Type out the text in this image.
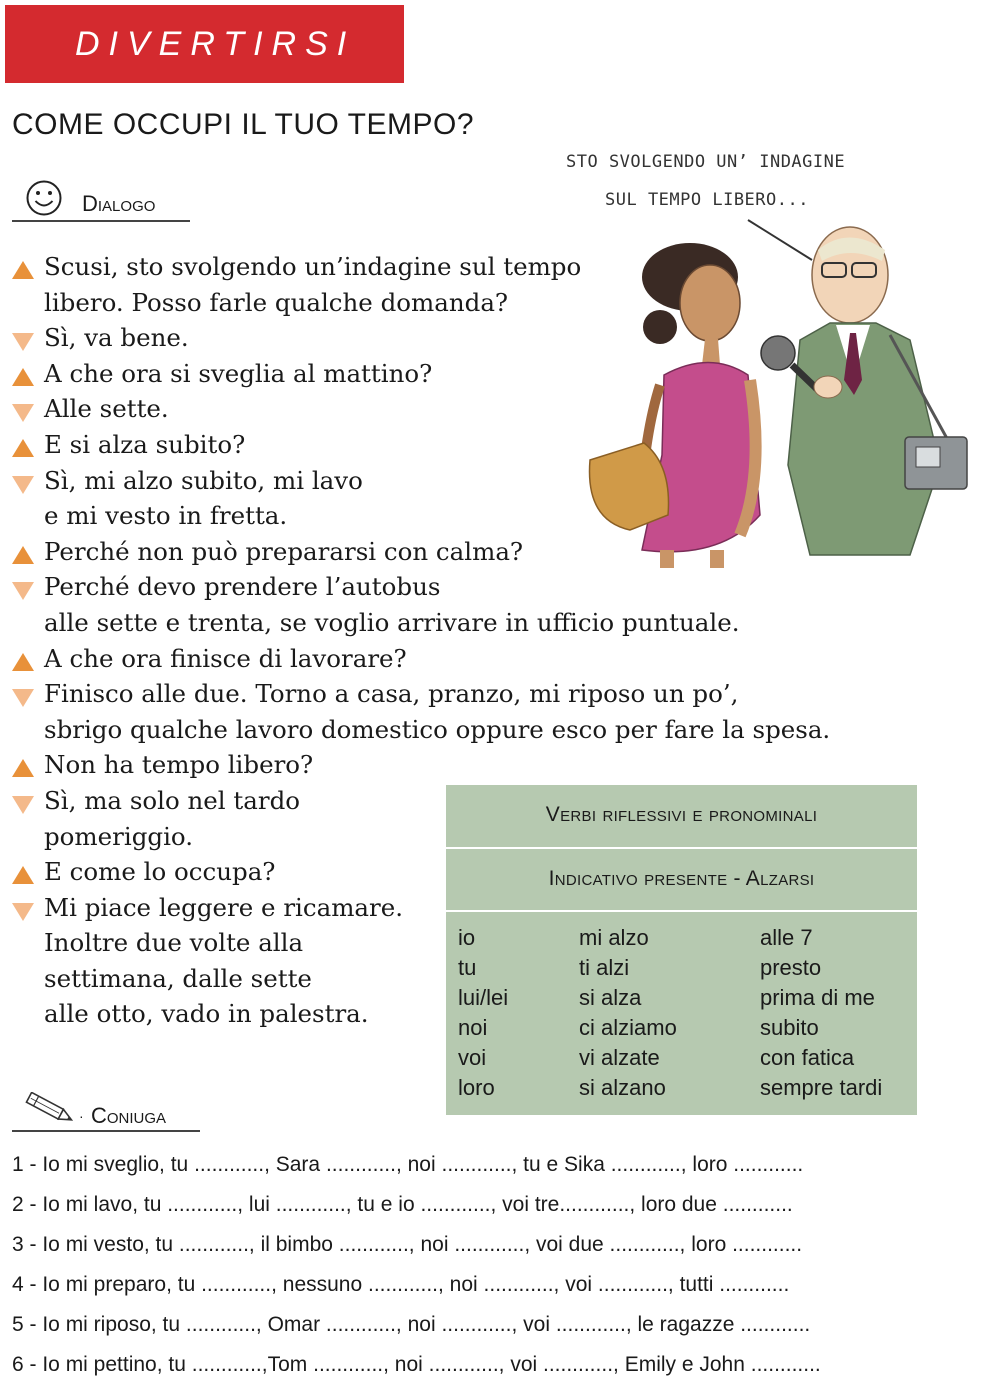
DIVERTIRSI
COME OCCUPI IL TUO TEMPO?
Dialogo
STO SVOLGENDO UN’ INDAGINE
SUL TEMPO LIBERO...
Scusi, sto svolgendo un’indagine sul tempo
libero. Posso farle qualche domanda?
Sì, va bene.
A che ora si sveglia al mattino?
Alle sette.
E si alza subito?
Sì, mi alzo subito, mi lavo
e mi vesto in fretta.
Perché non può prepararsi con calma?
Perché devo prendere l’autobus
alle sette e trenta, se voglio arrivare in ufficio puntuale.
A che ora finisce di lavorare?
Finisco alle due. Torno a casa, pranzo, mi riposo un po’,
sbrigo qualche lavoro domestico oppure esco per fare la spesa.
Non ha tempo libero?
Sì, ma solo nel tardo
pomeriggio.
E come lo occupa?
Mi piace leggere e ricamare.
Inoltre due volte alla
settimana, dalle sette
alle otto, vado in palestra.
Verbi riflessivi e pronominali
Indicativo presente - Alzarsi
io	mi alzo	alle 7
tu	ti alzi	presto
lui/lei	si alza	prima di me
noi	ci alziamo	subito
voi	vi alzate	con fatica
loro	si alzano	sempre tardi
· Coniuga
1 - Io mi sveglio, tu ............, Sara ............, noi ............, tu e Sika ............, loro ............
2 - Io mi lavo, tu ............, lui ............, tu e io ............, voi tre............, loro due ............
3 - Io mi vesto, tu ............, il bimbo ............, noi ............, voi due ............, loro ............
4 - Io mi preparo, tu ............, nessuno ............, noi ............, voi ............, tutti ............
5 - Io mi riposo, tu ............, Omar ............, noi ............, voi ............, le ragazze ............
6 - Io mi pettino, tu ............,Tom ............, noi ............, voi ............, Emily e John ............
